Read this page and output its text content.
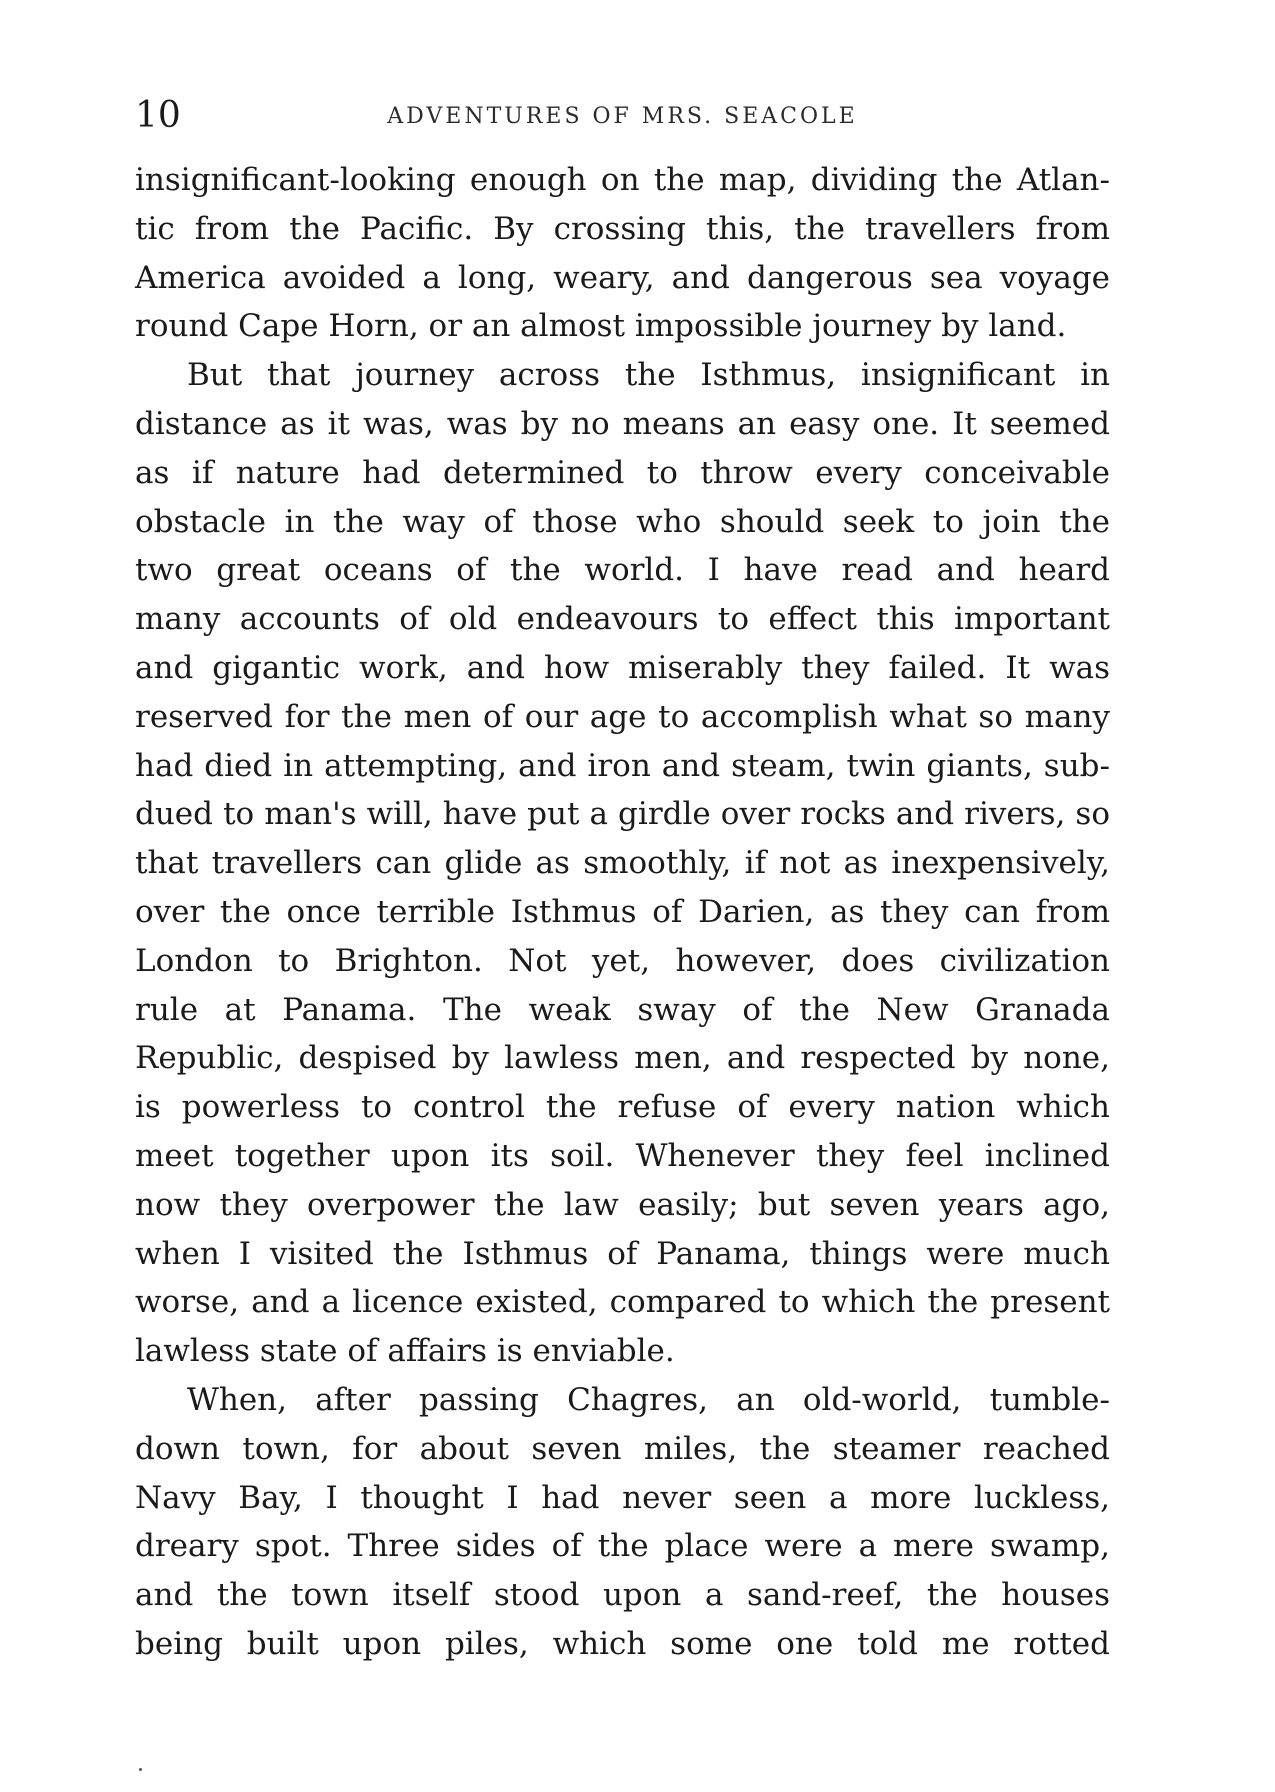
10	ADVENTURES OF MRS. SEACOLE
insignificant-looking enough on the map, dividing the Atlan-
tic from the Pacific. By crossing this, the travellers from
America avoided a long, weary, and dangerous sea voyage
round Cape Horn, or an almost impossible journey by land.
But that journey across the Isthmus, insignificant in
distance as it was, was by no means an easy one. It seemed
as if nature had determined to throw every conceivable
obstacle in the way of those who should seek to join the
two great oceans of the world. I have read and heard
many accounts of old endeavours to effect this important
and gigantic work, and how miserably they failed. It was
reserved for the men of our age to accomplish what so many
had died in attempting, and iron and steam, twin giants, sub-
dued to man's will, have put a girdle over rocks and rivers, so
that travellers can glide as smoothly, if not as inexpensively,
over the once terrible Isthmus of Darien, as they can from
London to Brighton. Not yet, however, does civilization
rule at Panama. The weak sway of the New Granada
Republic, despised by lawless men, and respected by none,
is powerless to control the refuse of every nation which
meet together upon its soil. Whenever they feel inclined
now they overpower the law easily; but seven years ago,
when I visited the Isthmus of Panama, things were much
worse, and a licence existed, compared to which the present
lawless state of affairs is enviable.
When, after passing Chagres, an old-world, tumble-
down town, for about seven miles, the steamer reached
Navy Bay, I thought I had never seen a more luckless,
dreary spot. Three sides of the place were a mere swamp,
and the town itself stood upon a sand-reef, the houses
being built upon piles, which some one told me rotted
